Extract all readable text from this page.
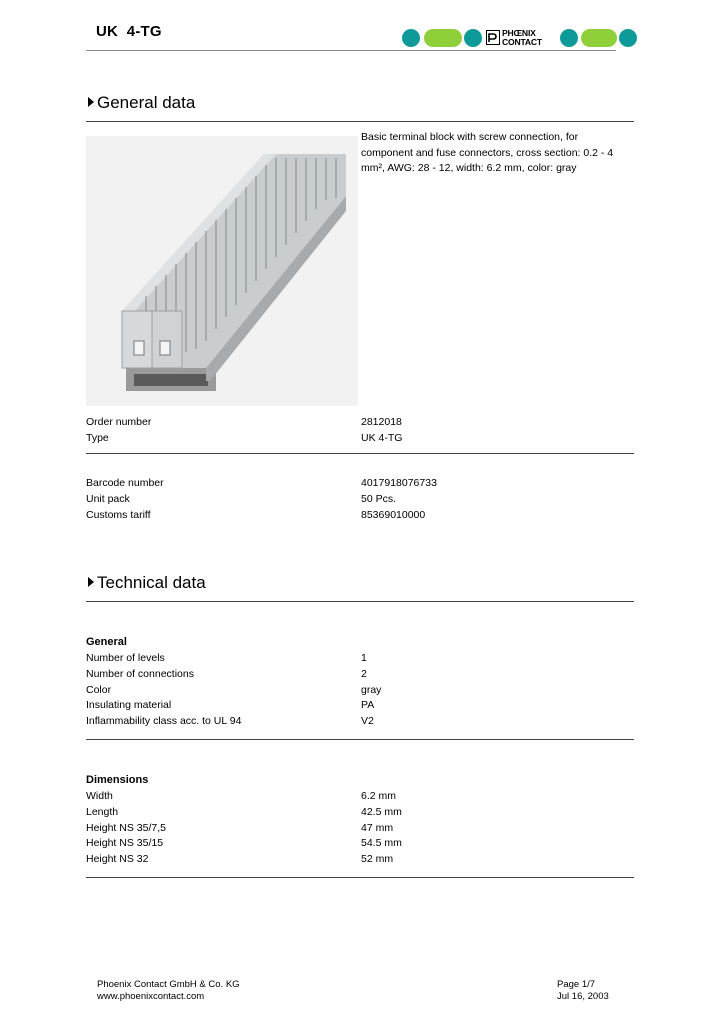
UK  4-TG	PHŒNIX
CONTACT
General data
Basic terminal block with screw connection, for component and fuse connectors, cross section: 0.2 - 4 mm², AWG: 28 - 12, width: 6.2 mm, color: gray
Order number	2812018
Type	UK 4-TG
Barcode number	4017918076733
Unit pack	50 Pcs.
Customs tariff	85369010000
Technical data
General
Number of levels	1
Number of connections	2
Color	gray
Insulating material	PA
Inflammability class acc. to UL 94	V2
Dimensions
Width	6.2 mm
Length	42.5 mm
Height NS 35/7,5	47 mm
Height NS 35/15	54.5 mm
Height NS 32	52 mm
Phoenix Contact GmbH & Co. KG
www.phoenixcontact.com
Page 1/7
Jul 16, 2003
